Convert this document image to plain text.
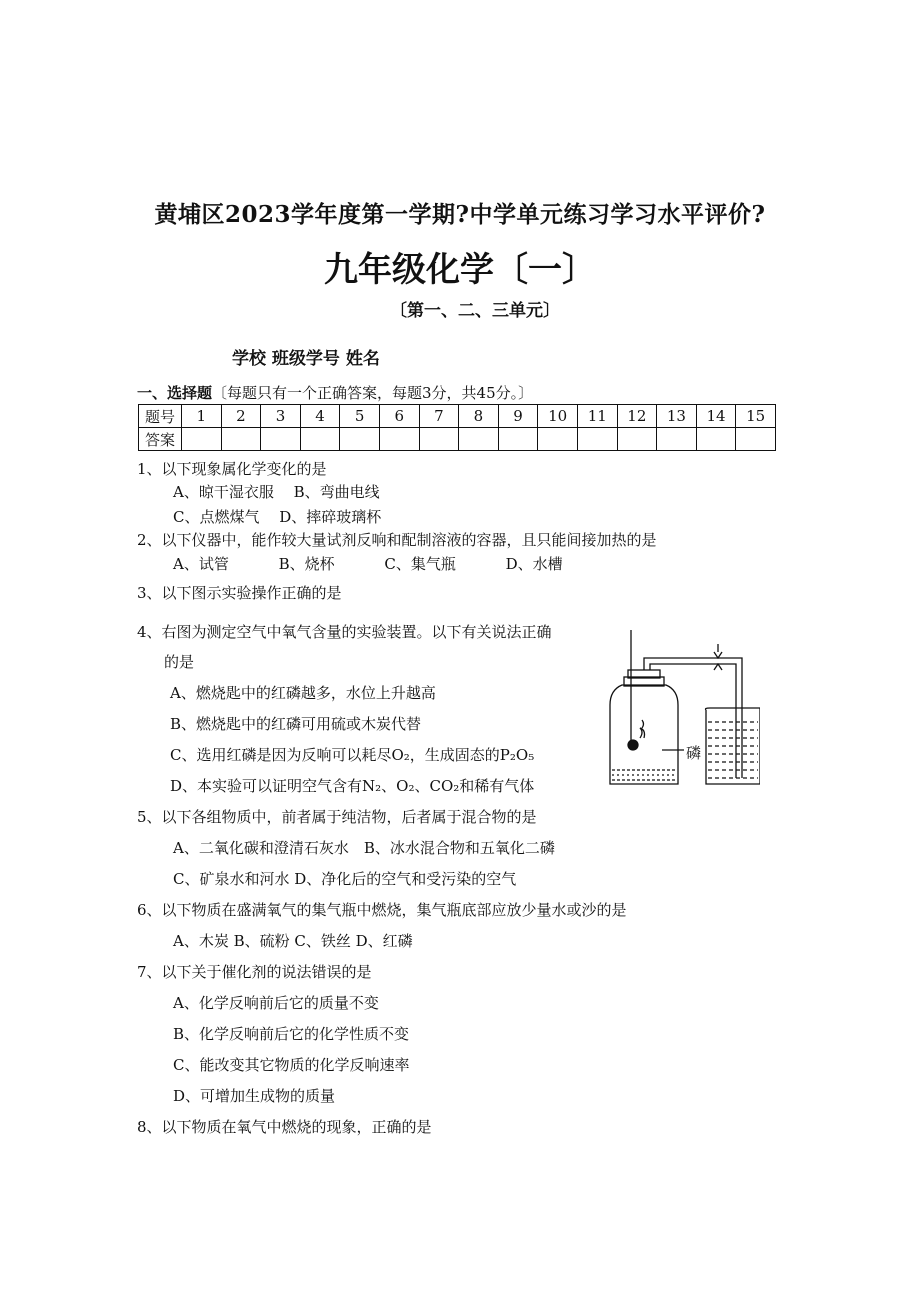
黄埔区2023学年度第一学期?中学单元练习学习水平评价?
九年级化学〔一〕
〔第一、二、三单元〕
学校 班级学号 姓名
一、选择题〔每题只有一个正确答案，每题3分，共45分。〕
题号	1	2	3	4	5	6	7	8	9	10	11	12	13	14	15
答案															
1、以下现象属化学变化的是
A、晾干湿衣服　 B、弯曲电线
C、点燃煤气　 D、摔碎玻璃杯
2、以下仪器中，能作较大量试剂反响和配制溶液的容器，且只能间接加热的是
A、试管　　　 B、烧杯　　　 C、集气瓶　　　 D、水槽
3、以下图示实验操作正确的是
4、右图为测定空气中氧气含量的实验装置。以下有关说法正确
的是
A、燃烧匙中的红磷越多，水位上升越高
B、燃烧匙中的红磷可用硫或木炭代替
C、选用红磷是因为反响可以耗尽O₂，生成固态的P₂O₅
D、本实验可以证明空气含有N₂、O₂、CO₂和稀有气体
5、以下各组物质中，前者属于纯洁物，后者属于混合物的是
A、二氧化碳和澄清石灰水　B、冰水混合物和五氧化二磷
C、矿泉水和河水 D、净化后的空气和受污染的空气
6、以下物质在盛满氧气的集气瓶中燃烧，集气瓶底部应放少量水或沙的是
A、木炭 B、硫粉 C、铁丝 D、红磷
7、以下关于催化剂的说法错误的是
A、化学反响前后它的质量不变
B、化学反响前后它的化学性质不变
C、能改变其它物质的化学反响速率
D、可增加生成物的质量
8、以下物质在氧气中燃烧的现象，正确的是
磷
